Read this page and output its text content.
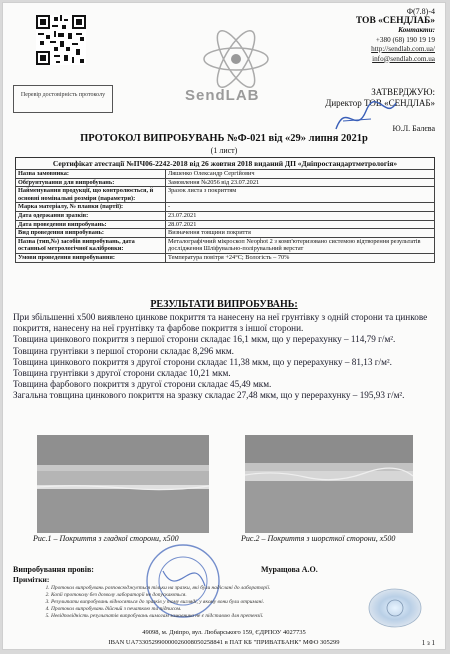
Перевір достовірність протоколу	SendLAB
Ф(7.8)-4
ТОВ «СЕНДЛАБ»
Контакти:
+380 (68) 190 19 19
http://sendlab.com.ua/
info@sendlab.com.ua
ЗАТВЕРДЖУЮ:
Директор ТОВ «СЕНДЛАБ»
Ю.Л. Балєва
ПРОТОКОЛ ВИПРОБУВАНЬ №Ф-021 від «29» липня 2021р
(1 лист)
Сертифікат атестації №ПЧ06-2242-2018 від 26 жовтня 2018 виданий ДП «Дніпростандартметрологія»
Назва замовника:	Ляшенко Олександр Сергійович
Обґрунтування для випробувань:	Замовлення №2056 від 23.07.2021
Найменування продукції, що контролюється, й основні номінальні розміри (параметри):	Зразок листа з покриттям
Марка матеріалу, № плавки (партії):	-
Дата одержання зразків:	23.07.2021
Дата проведення випробувань:	28.07.2021
Вид проведення випробувань:	Визначення товщини покриття
Назва (тип,№) засобів випробувань, дата останньої метрологічної калібровки:	Металографічний мікроскоп Neophot 2 з комп'ютеризовано системою відтворення результатів дослідження Шліфувально-полірувальний верстат
Умови проведення випробування:	Температура повітря +24°С; Вологість – 70%
РЕЗУЛЬТАТИ ВИПРОБУВАНЬ:

При збільшенні х500 виявлено цинкове покриття та нанесену на неї грунтівку з одній сторони та цинкове покриття, нанесену на неї грунтівку та фарбове покриття з іншої сторони.

Товщина цинкового покриття з першої сторони складає 16,1 мкм, що у перерахунку – 114,79 г/м².

Товщина грунтівки з першої сторони складає 8,296 мкм.

Товщина цинкового покриття з другої сторони складає 11,38 мкм, що у перерахунку – 81,13 г/м².

Товщина грунтівки з другої сторони складає 10,21 мкм.

Товщина фарбового покриття з другої сторони складає 45,49 мкм.

Загальна товщина цинкового покриття на зразку складає 27,48 мкм, що у перерахунку – 195,93 г/м².

Рис.1 – Покриття з гладкої сторони, х500	Рис.2 – Покриття з шорсткої сторони, х500
Випробування провів:	Муращова А.О.
Примітки:
1. Протокол випробувань розповсюджується тільки на зразки, які були надіслані до лабораторії.
2. Копії протоколу без дозволу лабораторії не допускаються.
3. Результати випробувань відносяться до зразків у тому вигляді, у якому вони були отримані.
4. Протокол випробувань дійсний з печаткою та підписом.
5. Невідповідність результатів випробувань вимогам замовника не є підставою для претензії.
49098, м. Дніпро, вул. Любарського 159, ЄДРПОУ 4027735
IBAN UA733052990000026008050258841 в ПАТ КБ "ПРИВАТБАНК" МФО 305299	1 з 1
